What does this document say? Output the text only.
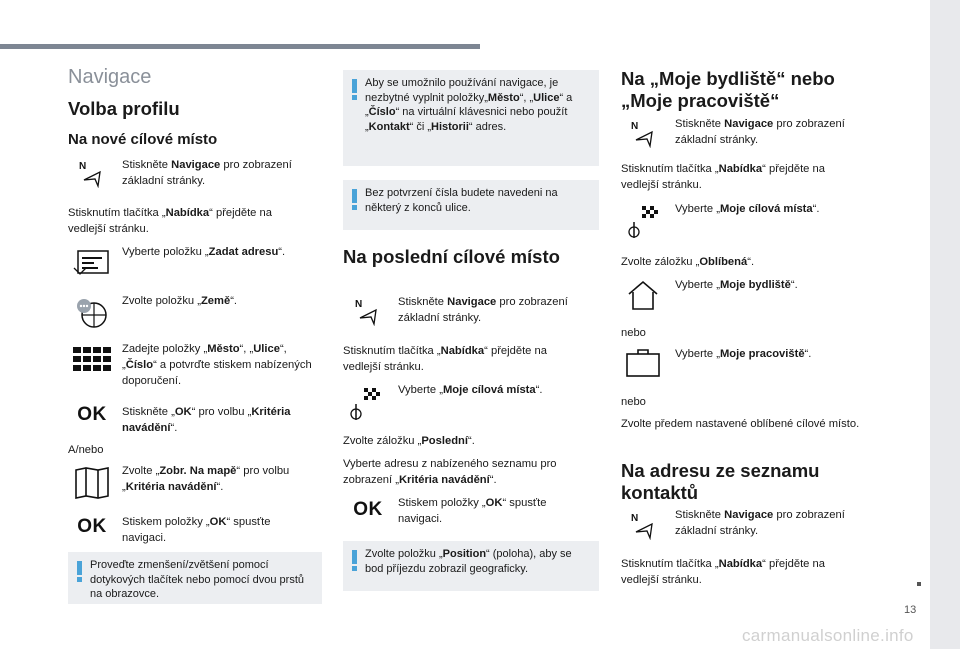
Navigace
Volba profilu
Na nové cílové místo
N	Stiskněte Navigace pro zobrazení základní stránky.
Stisknutím tlačítka „Nabídka“ přejděte na vedlejší stránku.
Vyberte položku „Zadat adresu“.
Zvolte položku „Země“.
Zadejte položky „Město“, „Ulice“, „Číslo“ a potvrďte stiskem nabízených doporučení.
OK	Stiskněte „OK“ pro volbu „Kritéria navádění“.
A/nebo
Zvolte „Zobr. Na mapě“ pro volbu „Kritéria navádění“.
OK	Stiskem položky „OK“ spusťte navigaci.
Proveďte zmenšení/zvětšení pomocí dotykových tlačítek nebo pomocí dvou prstů na obrazovce.
Aby se umožnilo používání navigace, je nezbytné vyplnit položky„Město“, „Ulice“ a „Číslo“ na virtuální klávesnici nebo použít „Kontakt“ či „Historii“ adres.
Bez potvrzení čísla budete navedeni na některý z konců ulice.
Na poslední cílové místo
N	Stiskněte Navigace pro zobrazení základní stránky.
Stisknutím tlačítka „Nabídka“ přejděte na vedlejší stránku.
Vyberte „Moje cílová místa“.
Zvolte záložku „Poslední“.
Vyberte adresu z nabízeného seznamu pro zobrazení „Kritéria navádění“.
OK	Stiskem položky „OK“ spusťte navigaci.
Zvolte položku „Position“ (poloha), aby se bod příjezdu zobrazil geograficky.
Na „Moje bydliště“ nebo „Moje pracoviště“
N	Stiskněte Navigace pro zobrazení základní stránky.
Stisknutím tlačítka „Nabídka“ přejděte na vedlejší stránku.
Vyberte „Moje cílová místa“.
Zvolte záložku „Oblíbená“.
Vyberte „Moje bydliště“.
nebo
Vyberte „Moje pracoviště“.
nebo
Zvolte předem nastavené oblíbené cílové místo.
Na adresu ze seznamu kontaktů
N	Stiskněte Navigace pro zobrazení základní stránky.
Stisknutím tlačítka „Nabídka“ přejděte na vedlejší stránku.
13
carmanualsonline.info
